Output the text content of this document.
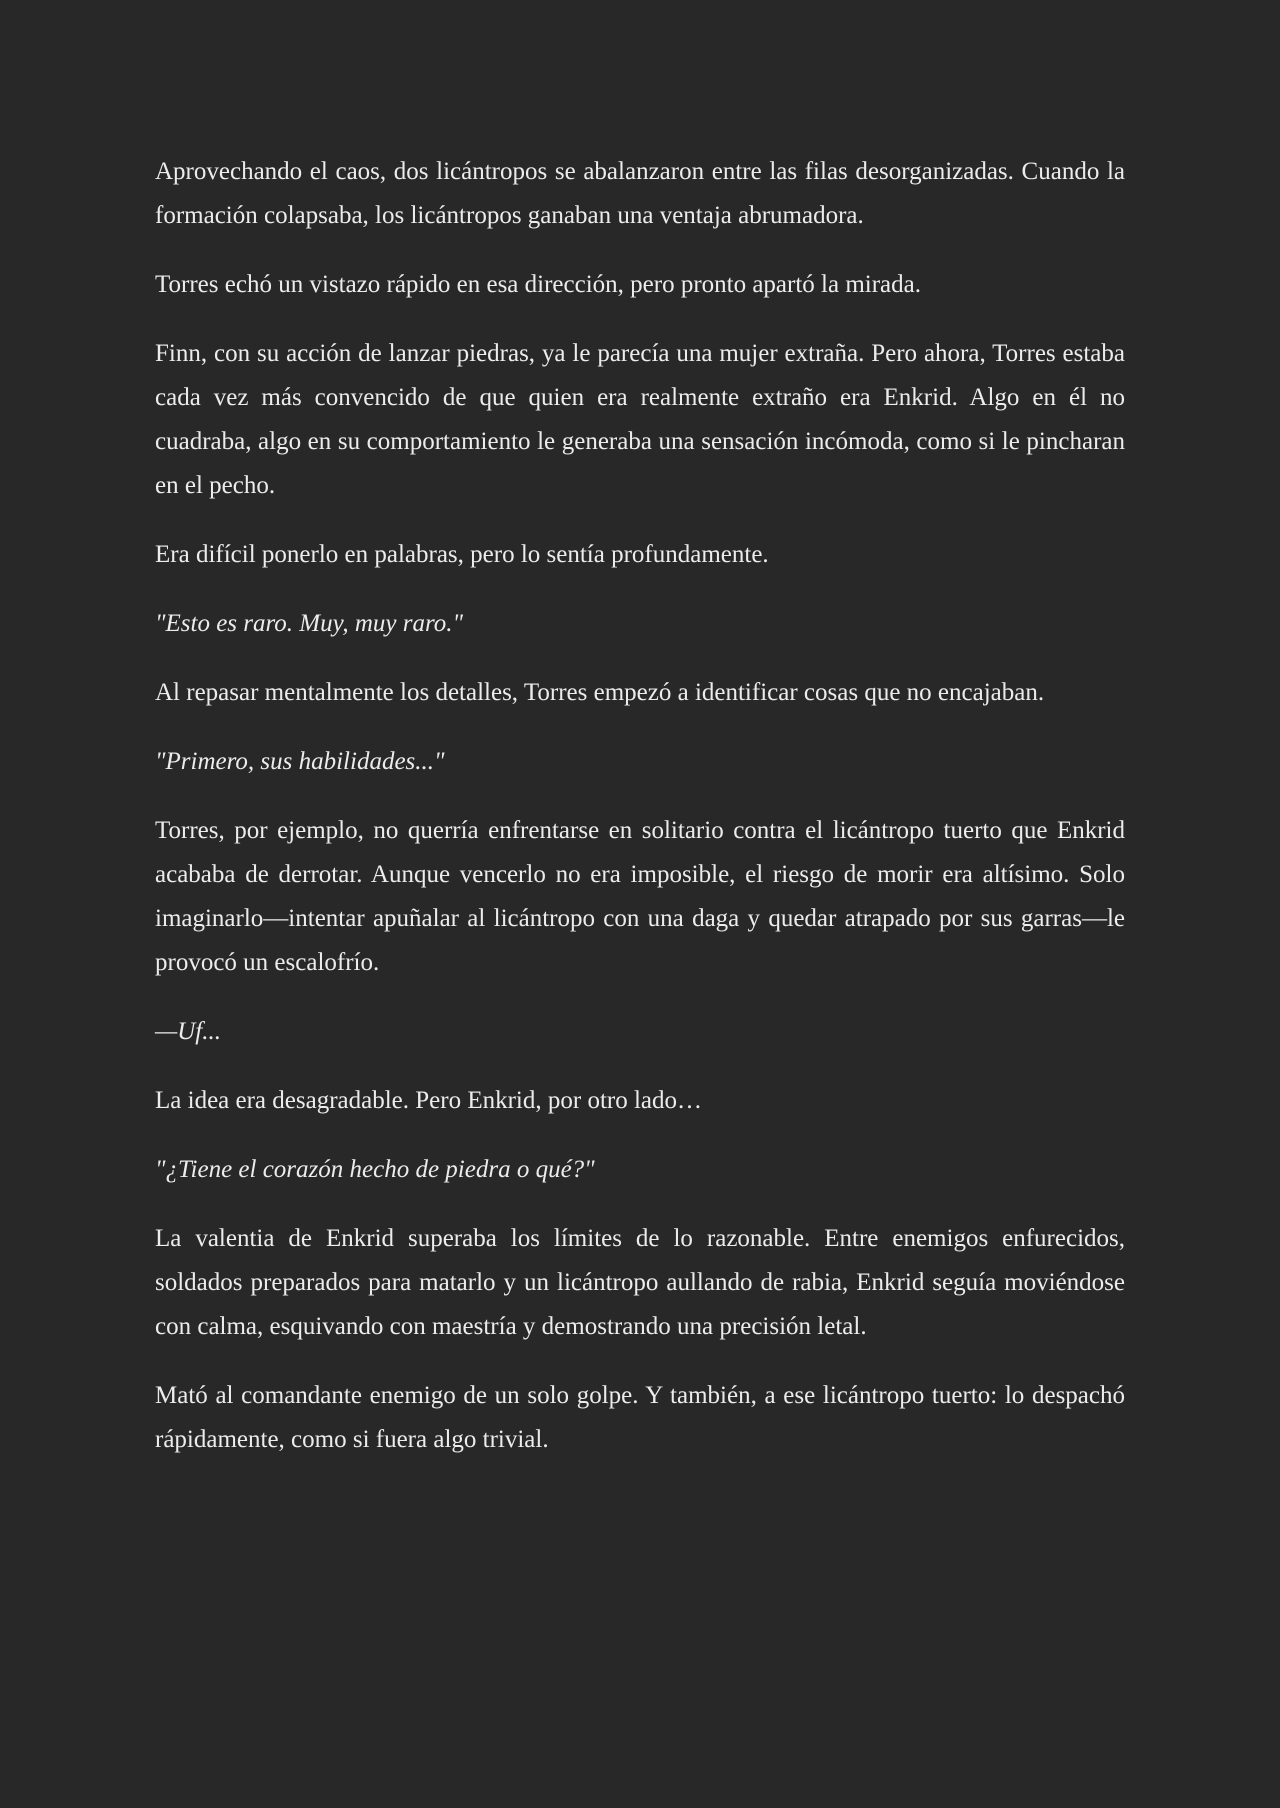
Aprovechando el caos, dos licántropos se abalanzaron entre las filas desorganizadas. Cuando la formación colapsaba, los licántropos ganaban una ventaja abrumadora.

Torres echó un vistazo rápido en esa dirección, pero pronto apartó la mirada.

Finn, con su acción de lanzar piedras, ya le parecía una mujer extraña. Pero ahora, Torres estaba cada vez más convencido de que quien era realmente extraño era Enkrid. Algo en él no cuadraba, algo en su comportamiento le generaba una sensación incómoda, como si le pincharan en el pecho.

Era difícil ponerlo en palabras, pero lo sentía profundamente.

"Esto es raro. Muy, muy raro."

Al repasar mentalmente los detalles, Torres empezó a identificar cosas que no encajaban.

"Primero, sus habilidades..."

Torres, por ejemplo, no querría enfrentarse en solitario contra el licántropo tuerto que Enkrid acababa de derrotar. Aunque vencerlo no era imposible, el riesgo de morir era altísimo. Solo imaginarlo—intentar apuñalar al licántropo con una daga y quedar atrapado por sus garras—le provocó un escalofrío.

—Uf...

La idea era desagradable. Pero Enkrid, por otro lado…

"¿Tiene el corazón hecho de piedra o qué?"

La valentia de Enkrid superaba los límites de lo razonable. Entre enemigos enfurecidos, soldados preparados para matarlo y un licántropo aullando de rabia, Enkrid seguía moviéndose con calma, esquivando con maestría y demostrando una precisión letal.

Mató al comandante enemigo de un solo golpe. Y también, a ese licántropo tuerto: lo despachó rápidamente, como si fuera algo trivial.
